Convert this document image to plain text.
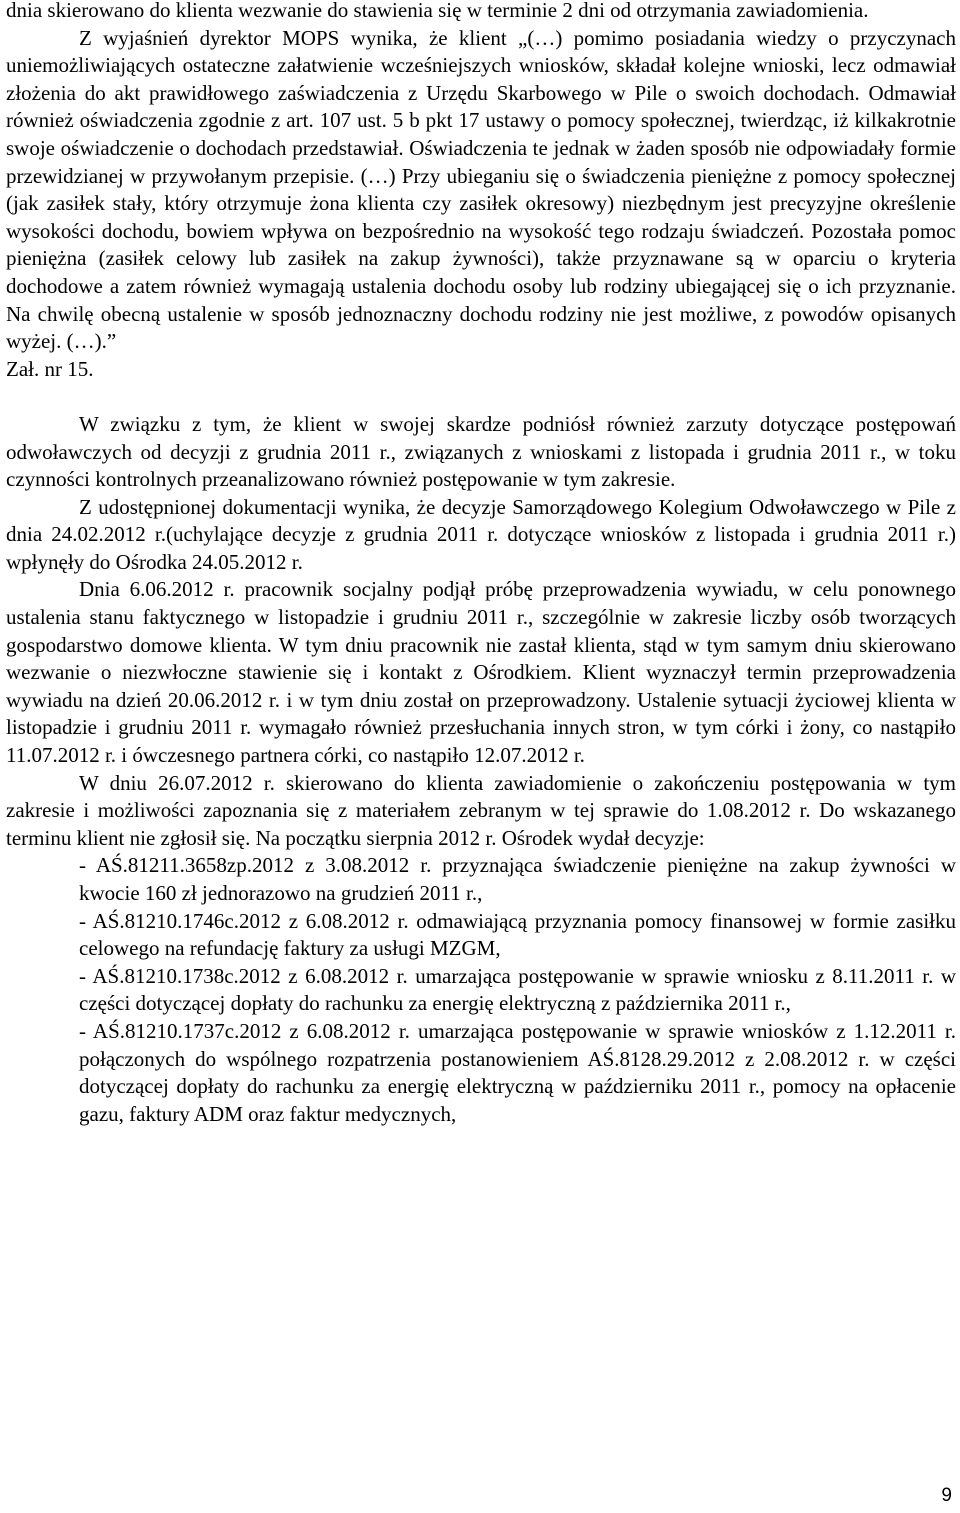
dnia skierowano do klienta wezwanie do stawienia się w terminie 2 dni od otrzymania zawiadomienia.

Z wyjaśnień dyrektor MOPS wynika, że klient „(…) pomimo posiadania wiedzy o przyczynach uniemożliwiających ostateczne załatwienie wcześniejszych wniosków, składał kolejne wnioski, lecz odmawiał złożenia do akt prawidłowego zaświadczenia z Urzędu Skarbowego w Pile o swoich dochodach. Odmawiał również oświadczenia zgodnie z art. 107 ust. 5 b pkt 17 ustawy o pomocy społecznej, twierdząc, iż kilkakrotnie swoje oświadczenie o dochodach przedstawiał. Oświadczenia te jednak w żaden sposób nie odpowiadały formie przewidzianej w przywołanym przepisie. (…) Przy ubieganiu się o świadczenia pieniężne z pomocy społecznej (jak zasiłek stały, który otrzymuje żona klienta czy zasiłek okresowy) niezbędnym jest precyzyjne określenie wysokości dochodu, bowiem wpływa on bezpośrednio na wysokość tego rodzaju świadczeń. Pozostała pomoc pieniężna (zasiłek celowy lub zasiłek na zakup żywności), także przyznawane są w oparciu o kryteria dochodowe a zatem również wymagają ustalenia dochodu osoby lub rodziny ubiegającej się o ich przyznanie. Na chwilę obecną ustalenie w sposób jednoznaczny dochodu rodziny nie jest możliwe, z powodów opisanych wyżej. (…).”

Zał. nr 15.

W związku z tym, że klient w swojej skardze podniósł również zarzuty dotyczące postępowań odwoławczych od decyzji z grudnia 2011 r., związanych z wnioskami z listopada i grudnia 2011 r., w toku czynności kontrolnych przeanalizowano również postępowanie w tym zakresie.

Z udostępnionej dokumentacji wynika, że decyzje Samorządowego Kolegium Odwoławczego w Pile z dnia 24.02.2012 r.(uchylające decyzje z grudnia 2011 r. dotyczące wniosków z listopada i grudnia 2011 r.) wpłynęły do Ośrodka 24.05.2012 r.

Dnia 6.06.2012 r. pracownik socjalny podjął próbę przeprowadzenia wywiadu, w celu ponownego ustalenia stanu faktycznego w listopadzie i grudniu 2011 r., szczególnie w zakresie liczby osób tworzących gospodarstwo domowe klienta. W tym dniu pracownik nie zastał klienta, stąd w tym samym dniu skierowano wezwanie o niezwłoczne stawienie się i kontakt z Ośrodkiem. Klient wyznaczył termin przeprowadzenia wywiadu na dzień 20.06.2012 r. i w tym dniu został on przeprowadzony. Ustalenie sytuacji życiowej klienta w listopadzie i grudniu 2011 r. wymagało również przesłuchania innych stron, w tym córki i żony, co nastąpiło 11.07.2012 r. i ówczesnego partnera córki, co nastąpiło 12.07.2012 r.

W dniu 26.07.2012 r. skierowano do klienta zawiadomienie o zakończeniu postępowania w tym zakresie i możliwości zapoznania się z materiałem zebranym w tej sprawie do 1.08.2012 r. Do wskazanego terminu klient nie zgłosił się. Na początku sierpnia 2012 r. Ośrodek wydał decyzje:

- AŚ.81211.3658zp.2012 z 3.08.2012 r. przyznająca świadczenie pieniężne na zakup żywności w kwocie 160 zł jednorazowo na grudzień 2011 r.,

- AŚ.81210.1746c.2012 z 6.08.2012 r. odmawiającą przyznania pomocy finansowej w formie zasiłku celowego na refundację faktury za usługi MZGM,

- AŚ.81210.1738c.2012 z 6.08.2012 r. umarzająca postępowanie w sprawie wniosku z 8.11.2011 r. w części dotyczącej dopłaty do rachunku za energię elektryczną z października 2011 r.,

- AŚ.81210.1737c.2012 z 6.08.2012 r. umarzająca postępowanie w sprawie wniosków z 1.12.2011 r. połączonych do wspólnego rozpatrzenia postanowieniem AŚ.8128.29.2012 z 2.08.2012 r. w części dotyczącej dopłaty do rachunku za energię elektryczną w październiku 2011 r., pomocy na opłacenie gazu, faktury ADM oraz faktur medycznych,

9
